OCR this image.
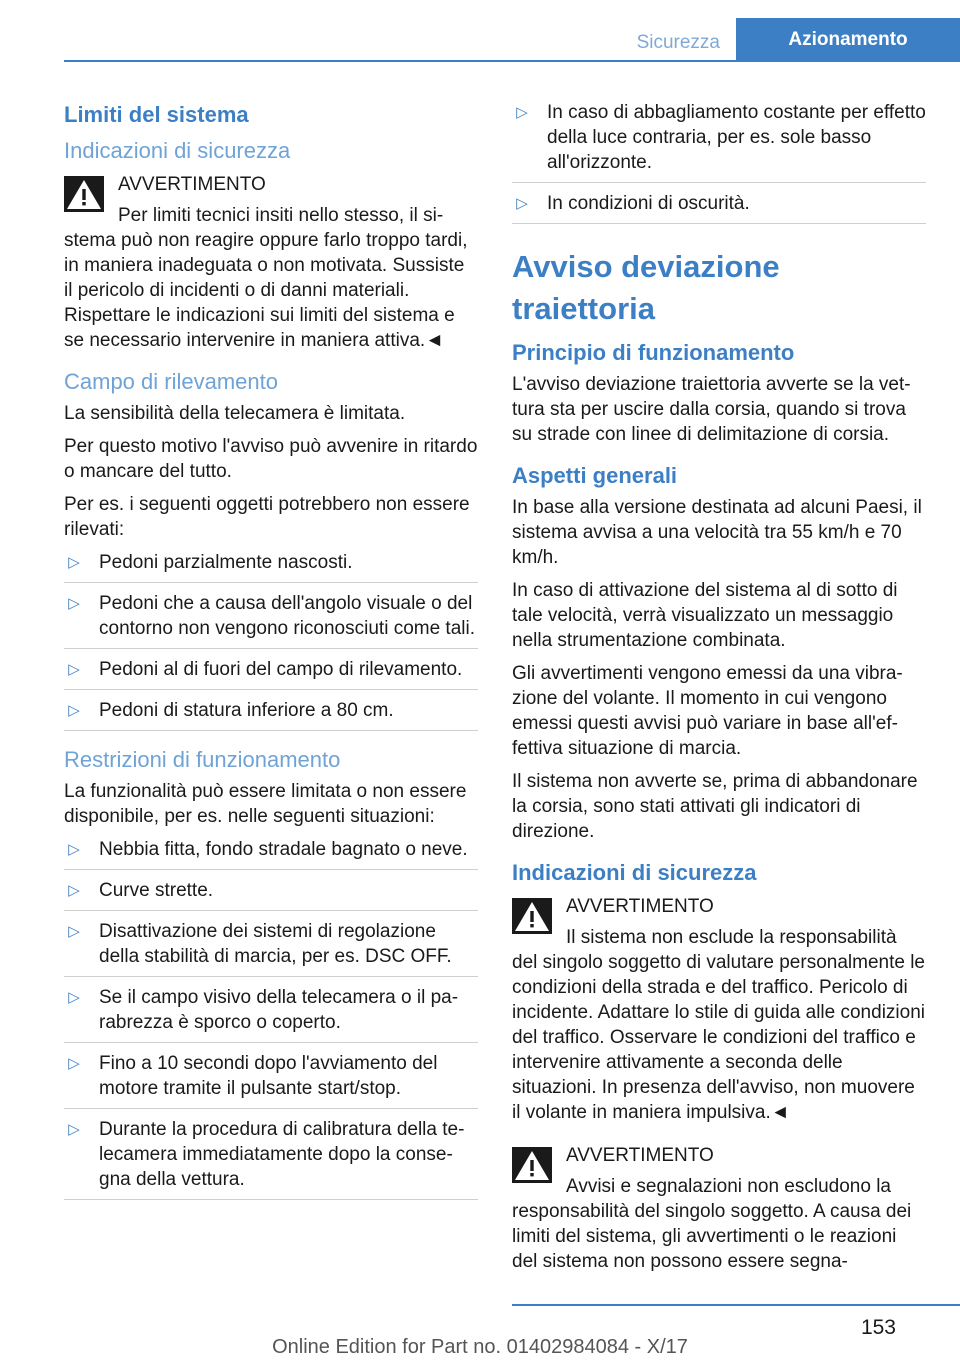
Sicurezza	Azionamento
Limiti del sistema
Indicazioni di sicurezza
AVVERTIMENTO
Per limiti tecnici insiti nello stesso, il sistema può non reagire oppure farlo troppo tardi, in maniera inadeguata o non motivata. Sussiste il pericolo di incidenti o di danni materiali. Rispettare le indicazioni sui limiti del sistema e se necessario intervenire in maniera attiva.◄
Campo di rilevamento

La sensibilità della telecamera è limitata.

Per questo motivo l'avviso può avvenire in ritardo o mancare del tutto.

Per es. i seguenti oggetti potrebbero non essere rilevati:

▷ Pedoni parzialmente nascosti.
▷ Pedoni che a causa dell'angolo visuale o del contorno non vengono riconosciuti come tali.
▷ Pedoni al di fuori del campo di rilevamento.
▷ Pedoni di statura inferiore a 80 cm.
Restrizioni di funzionamento

La funzionalità può essere limitata o non essere disponibile, per es. nelle seguenti situazioni:

▷ Nebbia fitta, fondo stradale bagnato o neve.
▷ Curve strette.
▷ Disattivazione dei sistemi di regolazione della stabilità di marcia, per es. DSC OFF.
▷ Se il campo visivo della telecamera o il parabrezza è sporco o coperto.
▷ Fino a 10 secondi dopo l'avviamento del motore tramite il pulsante start/stop.
▷ Durante la procedura di calibratura della telecamera immediatamente dopo la consegna della vettura.
▷ In caso di abbagliamento costante per effetto della luce contraria, per es. sole basso all'orizzonte.
▷ In condizioni di oscurità.
Avviso deviazione traiettoria
Principio di funzionamento

L'avviso deviazione traiettoria avverte se la vettura sta per uscire dalla corsia, quando si trova su strade con linee di delimitazione di corsia.

Aspetti generali

In base alla versione destinata ad alcuni Paesi, il sistema avvisa a una velocità tra 55 km/h e 70 km/h.

In caso di attivazione del sistema al di sotto di tale velocità, verrà visualizzato un messaggio nella strumentazione combinata.

Gli avvertimenti vengono emessi da una vibrazione del volante. Il momento in cui vengono emessi questi avvisi può variare in base all'effettiva situazione di marcia.

Il sistema non avverte se, prima di abbandonare la corsia, sono stati attivati gli indicatori di direzione.

Indicazioni di sicurezza
AVVERTIMENTO
Il sistema non esclude la responsabilità del singolo soggetto di valutare personalmente le condizioni della strada e del traffico. Pericolo di incidente. Adattare lo stile di guida alle condizioni del traffico. Osservare le condizioni del traffico e intervenire attivamente a seconda delle situazioni. In presenza dell'avviso, non muovere il volante in maniera impulsiva.◄
AVVERTIMENTO
Avvisi e segnalazioni non escludono la responsabilità del singolo soggetto. A causa dei limiti del sistema, gli avvertimenti o le reazioni del sistema non possono essere segna-
153
Online Edition for Part no. 01402984084 - X/17
